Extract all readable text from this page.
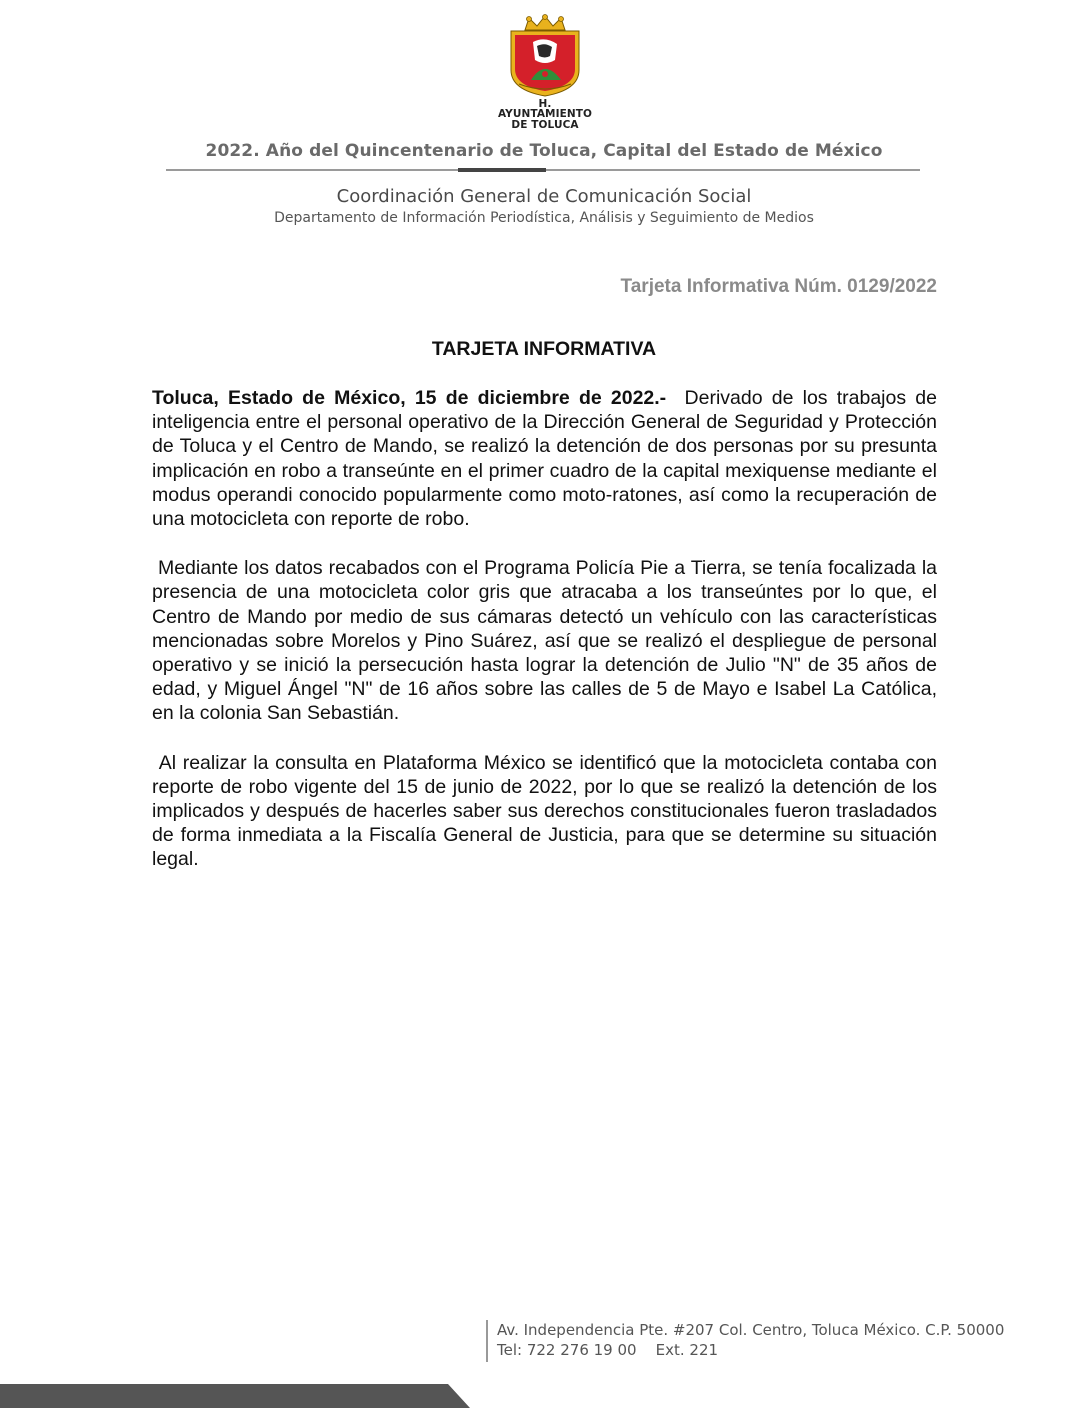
H. AYUNTAMIENTO
DE TOLUCA
2022. Año del Quincentenario de Toluca, Capital del Estado de México
Coordinación General de Comunicación Social
Departamento de Información Periodística, Análisis y Seguimiento de Medios
Tarjeta Informativa Núm. 0129/2022
TARJETA INFORMATIVA

Toluca, Estado de México, 15 de diciembre de 2022.-  Derivado de los trabajos de inteligencia entre el personal operativo de la Dirección General de Seguridad y Protección de Toluca y el Centro de Mando, se realizó la detención de dos personas por su presunta implicación en robo a transeúnte en el primer cuadro de la capital mexiquense mediante el modus operandi conocido popularmente como moto-ratones, así como la recuperación de una motocicleta con reporte de robo.

Mediante los datos recabados con el Programa Policía Pie a Tierra, se tenía focalizada la presencia de una motocicleta color gris que atracaba a los transeúntes por lo que, el Centro de Mando por medio de sus cámaras detectó un vehículo con las características mencionadas sobre Morelos y Pino Suárez, así que se realizó el despliegue de personal operativo y se inició la persecución hasta lograr la detención de Julio "N" de 35 años de edad, y Miguel Ángel "N" de 16 años sobre las calles de 5 de Mayo e Isabel La Católica, en la colonia San Sebastián.

Al realizar la consulta en Plataforma México se identificó que la motocicleta contaba con reporte de robo vigente del 15 de junio de 2022, por lo que se realizó la detención de los implicados y después de hacerles saber sus derechos constitucionales fueron trasladados de forma inmediata a la Fiscalía General de Justicia, para que se determine su situación legal.

Av. Independencia Pte. #207 Col. Centro, Toluca México. C.P. 50000
Tel: 722 276 19 00    Ext. 221
